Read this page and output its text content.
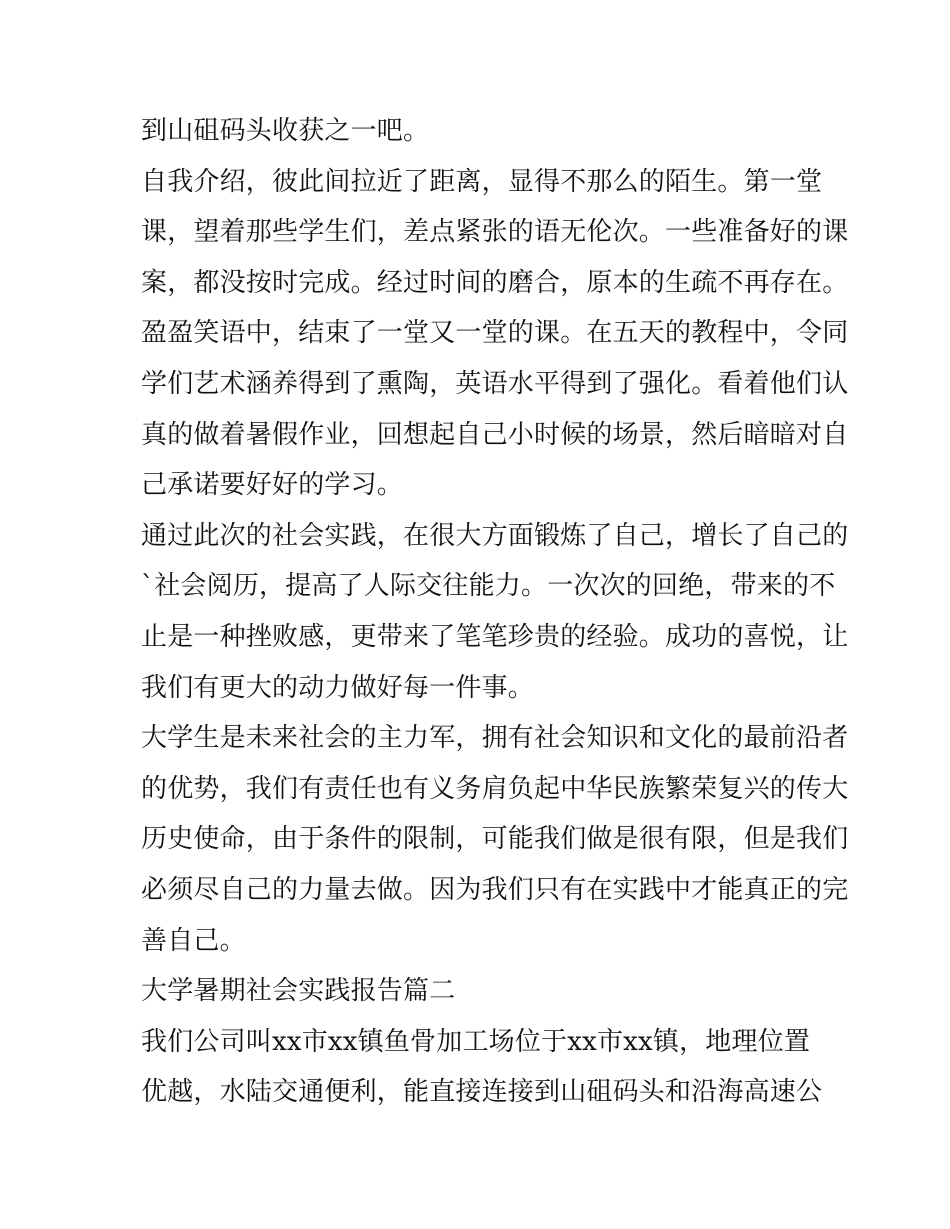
到山砠码头收获之一吧。
自我介绍，彼此间拉近了距离，显得不那么的陌生。第一堂
课，望着那些学生们，差点紧张的语无伦次。一些准备好的课
案，都没按时完成。经过时间的磨合，原本的生疏不再存在。
盈盈笑语中，结束了一堂又一堂的课。在五天的教程中，令同
学们艺术涵养得到了熏陶，英语水平得到了强化。看着他们认
真的做着暑假作业，回想起自己小时候的场景，然后暗暗对自
己承诺要好好的学习。
通过此次的社会实践，在很大方面锻炼了自己，增长了自己的
`社会阅历，提高了人际交往能力。一次次的回绝，带来的不
止是一种挫败感，更带来了笔笔珍贵的经验。成功的喜悦，让
我们有更大的动力做好每一件事。
大学生是未来社会的主力军，拥有社会知识和文化的最前沿者
的优势，我们有责任也有义务肩负起中华民族繁荣复兴的传大
历史使命，由于条件的限制，可能我们做是很有限，但是我们
必须尽自己的力量去做。因为我们只有在实践中才能真正的完
善自己。
大学暑期社会实践报告篇二
我们公司叫xx市xx镇鱼骨加工场位于xx市xx镇，地理位置
优越，水陆交通便利，能直接连接到山砠码头和沿海高速公
